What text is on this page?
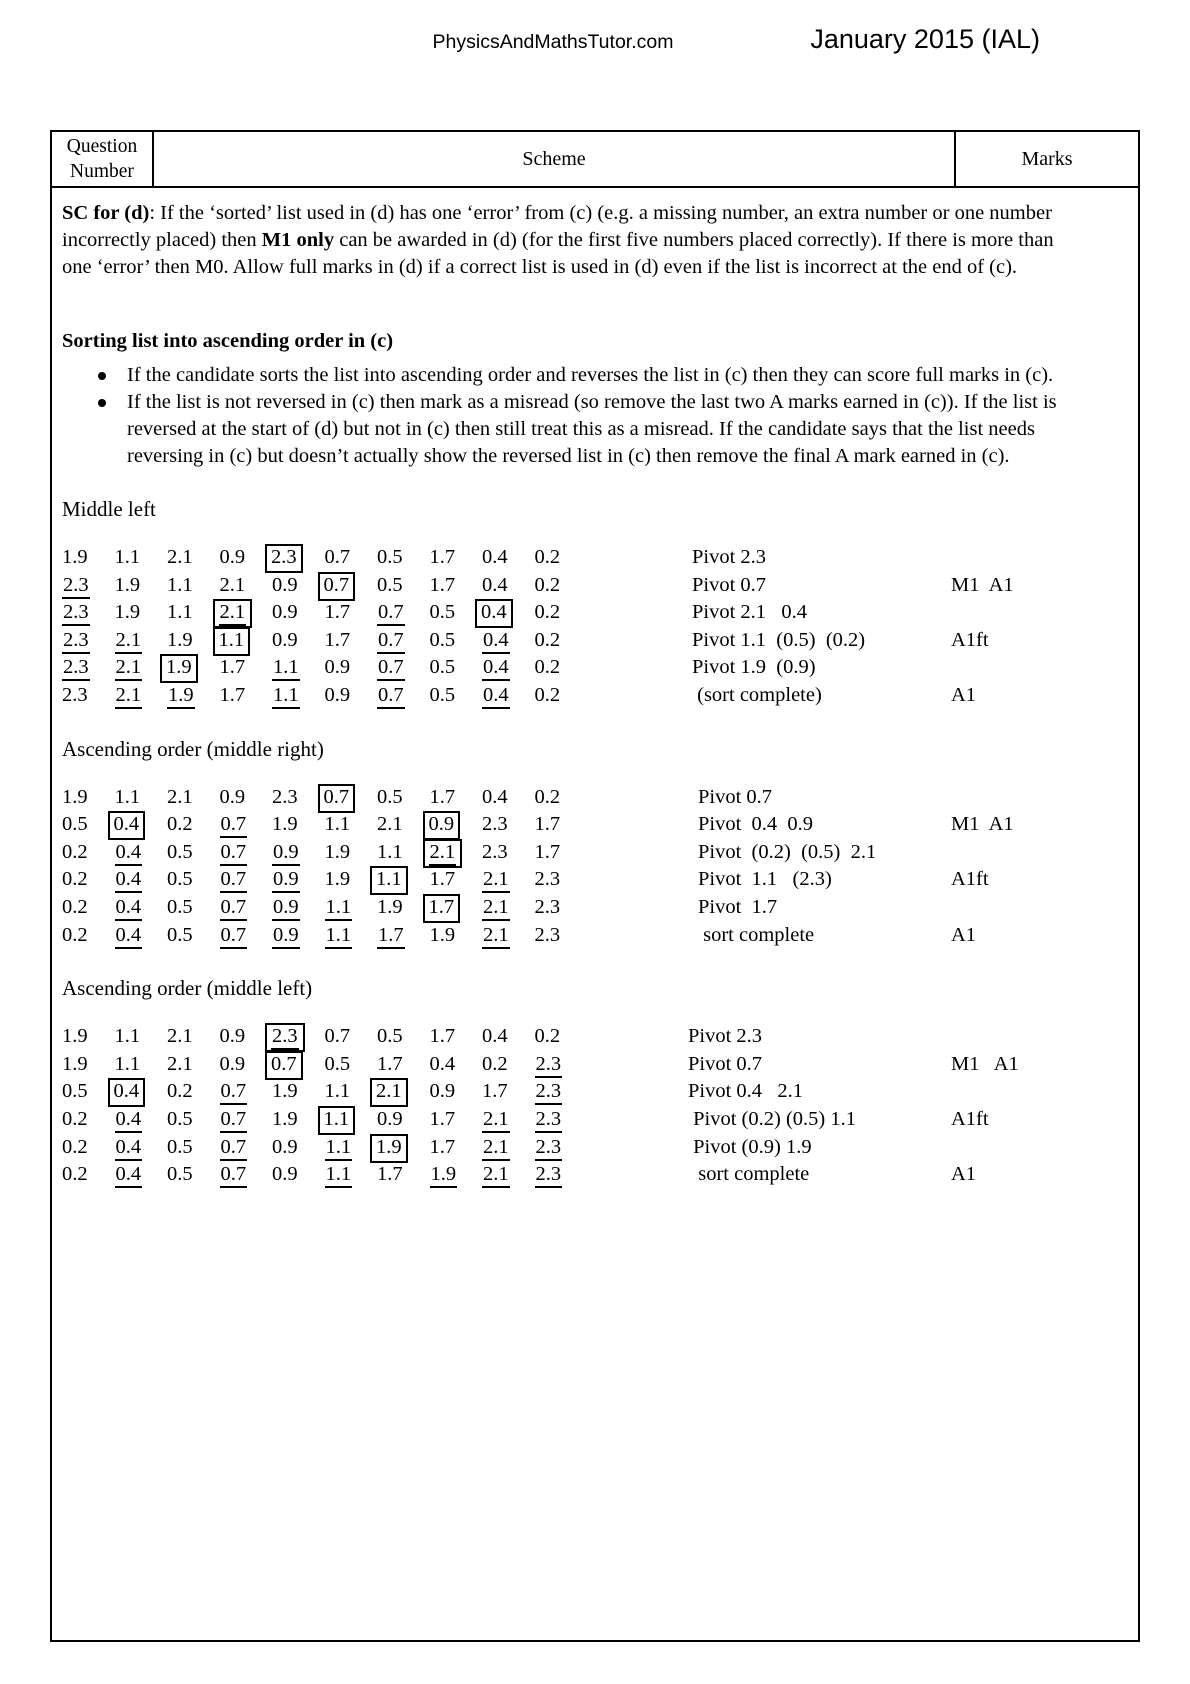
PhysicsAndMathsTutor.com	January 2015 (IAL)
Question
Number
Scheme	Marks

SC for (d): If the ‘sorted’ list used in (d) has one ‘error’ from (c) (e.g. a missing number, an extra number or one number incorrectly placed) then M1 only can be awarded in (d) (for the first five numbers placed correctly). If there is more than one ‘error’ then M0. Allow full marks in (d) if a correct list is used in (d) even if the list is incorrect at the end of (c).

Sorting list into ascending order in (c)
If the candidate sorts the list into ascending order and reverses the list in (c) then they can score full marks in (c).
If the list is not reversed in (c) then mark as a misread (so remove the last two A marks earned in (c)). If the list is reversed at the start of (d) but not in (c) then still treat this as a misread. If the candidate says that the list needs reversing in (c) but doesn’t actually show the reversed list in (c) then remove the final A mark earned in (c).
Middle left
1.9 1.1 2.1 0.9 2.3 0.7 0.5 1.7 0.4 0.2	Pivot 2.3
2.3 1.9 1.1 2.1 0.9 0.7 0.5 1.7 0.4 0.2	Pivot 0.7	M1  A1
2.3 1.9 1.1 2.1 0.9 1.7 0.7 0.5 0.4 0.2	Pivot 2.1   0.4
2.3 2.1 1.9 1.1 0.9 1.7 0.7 0.5 0.4 0.2	Pivot 1.1  (0.5)  (0.2)	A1ft
2.3 2.1 1.9 1.7 1.1 0.9 0.7 0.5 0.4 0.2	Pivot 1.9  (0.9)
2.3 2.1 1.9 1.7 1.1 0.9 0.7 0.5 0.4 0.2	(sort complete)	A1
Ascending order (middle right)
1.9 1.1 2.1 0.9 2.3 0.7 0.5 1.7 0.4 0.2	Pivot 0.7
0.5 0.4 0.2 0.7 1.9 1.1 2.1 0.9 2.3 1.7	Pivot  0.4  0.9	M1  A1
0.2 0.4 0.5 0.7 0.9 1.9 1.1 2.1 2.3 1.7	Pivot  (0.2)  (0.5)  2.1
0.2 0.4 0.5 0.7 0.9 1.9 1.1 1.7 2.1 2.3	Pivot  1.1   (2.3)	A1ft
0.2 0.4 0.5 0.7 0.9 1.1 1.9 1.7 2.1 2.3	Pivot  1.7
0.2 0.4 0.5 0.7 0.9 1.1 1.7 1.9 2.1 2.3	sort complete	A1
Ascending order (middle left)
1.9 1.1 2.1 0.9 2.3 0.7 0.5 1.7 0.4 0.2	Pivot 2.3
1.9 1.1 2.1 0.9 0.7 0.5 1.7 0.4 0.2 2.3	Pivot 0.7	M1   A1
0.5 0.4 0.2 0.7 1.9 1.1 2.1 0.9 1.7 2.3	Pivot 0.4   2.1
0.2 0.4 0.5 0.7 1.9 1.1 0.9 1.7 2.1 2.3	Pivot (0.2) (0.5) 1.1	A1ft
0.2 0.4 0.5 0.7 0.9 1.1 1.9 1.7 2.1 2.3	Pivot (0.9) 1.9
0.2 0.4 0.5 0.7 0.9 1.1 1.7 1.9 2.1 2.3	sort complete	A1
